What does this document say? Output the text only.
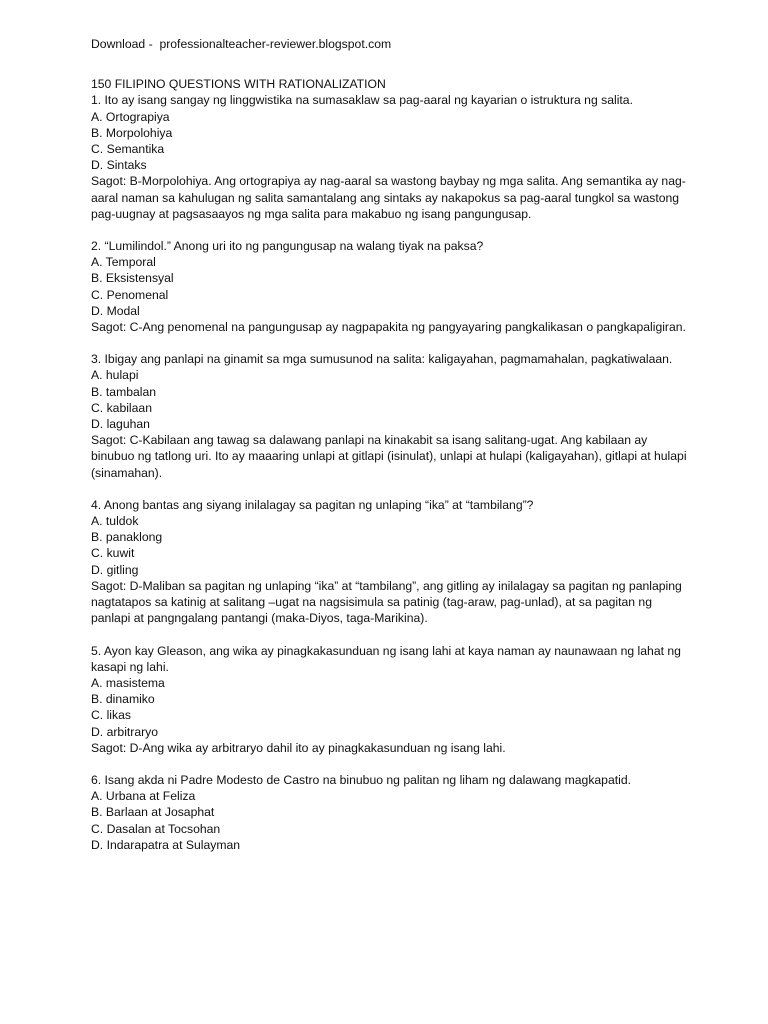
Download -  professionalteacher-reviewer.blogspot.com

150 FILIPINO QUESTIONS WITH RATIONALIZATION

1. Ito ay isang sangay ng linggwistika na sumasaklaw sa pag-aaral ng kayarian o istruktura ng salita.

A. Ortograpiya

B. Morpolohiya

C. Semantika

D. Sintaks

Sagot: B-Morpolohiya. Ang ortograpiya ay nag-aaral sa wastong baybay ng mga salita. Ang semantika ay nag-aaral naman sa kahulugan ng salita samantalang ang sintaks ay nakapokus sa pag-aaral tungkol sa wastong pag-uugnay at pagsasaayos ng mga salita para makabuo ng isang pangungusap.

2. “Lumilindol.” Anong uri ito ng pangungusap na walang tiyak na paksa?

A. Temporal

B. Eksistensyal

C. Penomenal

D. Modal

Sagot: C-Ang penomenal na pangungusap ay nagpapakita ng pangyayaring pangkalikasan o pangkapaligiran.

3. Ibigay ang panlapi na ginamit sa mga sumusunod na salita: kaligayahan, pagmamahalan, pagkatiwalaan.

A. hulapi

B. tambalan

C. kabilaan

D. laguhan

Sagot: C-Kabilaan ang tawag sa dalawang panlapi na kinakabit sa isang salitang-ugat. Ang kabilaan ay binubuo ng tatlong uri. Ito ay maaaring unlapi at gitlapi (isinulat), unlapi at hulapi (kaligayahan), gitlapi at hulapi (sinamahan).

4. Anong bantas ang siyang inilalagay sa pagitan ng unlaping “ika” at “tambilang”?

A. tuldok

B. panaklong

C. kuwit

D. gitling

Sagot: D-Maliban sa pagitan ng unlaping “ika” at “tambilang”, ang gitling ay inilalagay sa pagitan ng panlaping nagtatapos sa katinig at salitang –ugat na nagsisimula sa patinig (tag-araw, pag-unlad), at sa pagitan ng panlapi at pangngalang pantangi (maka-Diyos, taga-Marikina).

5. Ayon kay Gleason, ang wika ay pinagkakasunduan ng isang lahi at kaya naman ay naunawaan ng lahat ng kasapi ng lahi.

A. masistema

B. dinamiko

C. likas

D. arbitraryo

Sagot: D-Ang wika ay arbitraryo dahil ito ay pinagkakasunduan ng isang lahi.

6. Isang akda ni Padre Modesto de Castro na binubuo ng palitan ng liham ng dalawang magkapatid.

A. Urbana at Feliza

B. Barlaan at Josaphat

C. Dasalan at Tocsohan

D. Indarapatra at Sulayman
